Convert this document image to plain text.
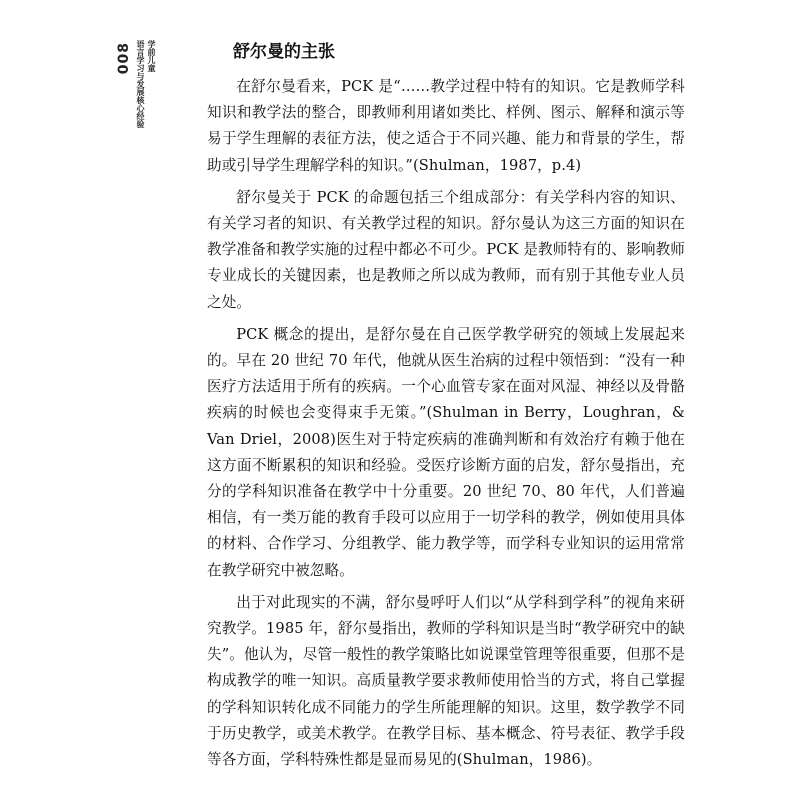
008 学前儿童
语言学习与发展核心经验	舒尔曼的主张

在舒尔曼看来，PCK 是“……教学过程中特有的知识。它是教师学科知识和教学法的整合，即教师利用诸如类比、样例、图示、解释和演示等易于学生理解的表征方法，使之适合于不同兴趣、能力和背景的学生，帮助或引导学生理解学科的知识。”(Shulman，1987，p.4)

舒尔曼关于 PCK 的命题包括三个组成部分：有关学科内容的知识、有关学习者的知识、有关教学过程的知识。舒尔曼认为这三方面的知识在教学准备和教学实施的过程中都必不可少。PCK 是教师特有的、影响教师专业成长的关键因素，也是教师之所以成为教师，而有别于其他专业人员之处。

PCK 概念的提出，是舒尔曼在自己医学教学研究的领域上发展起来的。早在 20 世纪 70 年代，他就从医生治病的过程中领悟到：“没有一种医疗方法适用于所有的疾病。一个心血管专家在面对风湿、神经以及骨骼疾病的时候也会变得束手无策。”(Shulman in Berry，Loughran，& Van Driel，2008)医生对于特定疾病的准确判断和有效治疗有赖于他在这方面不断累积的知识和经验。受医疗诊断方面的启发，舒尔曼指出，充分的学科知识准备在教学中十分重要。20 世纪 70、80 年代，人们普遍相信，有一类万能的教育手段可以应用于一切学科的教学，例如使用具体的材料、合作学习、分组教学、能力教学等，而学科专业知识的运用常常在教学研究中被忽略。

出于对此现实的不满，舒尔曼呼吁人们以“从学科到学科”的视角来研究教学。1985 年，舒尔曼指出，教师的学科知识是当时“教学研究中的缺失”。他认为，尽管一般性的教学策略比如说课堂管理等很重要，但那不是构成教学的唯一知识。高质量教学要求教师使用恰当的方式，将自己掌握的学科知识转化成不同能力的学生所能理解的知识。这里，数学教学不同于历史教学，或美术教学。在教学目标、基本概念、符号表征、教学手段等各方面，学科特殊性都是显而易见的(Shulman，1986)。
